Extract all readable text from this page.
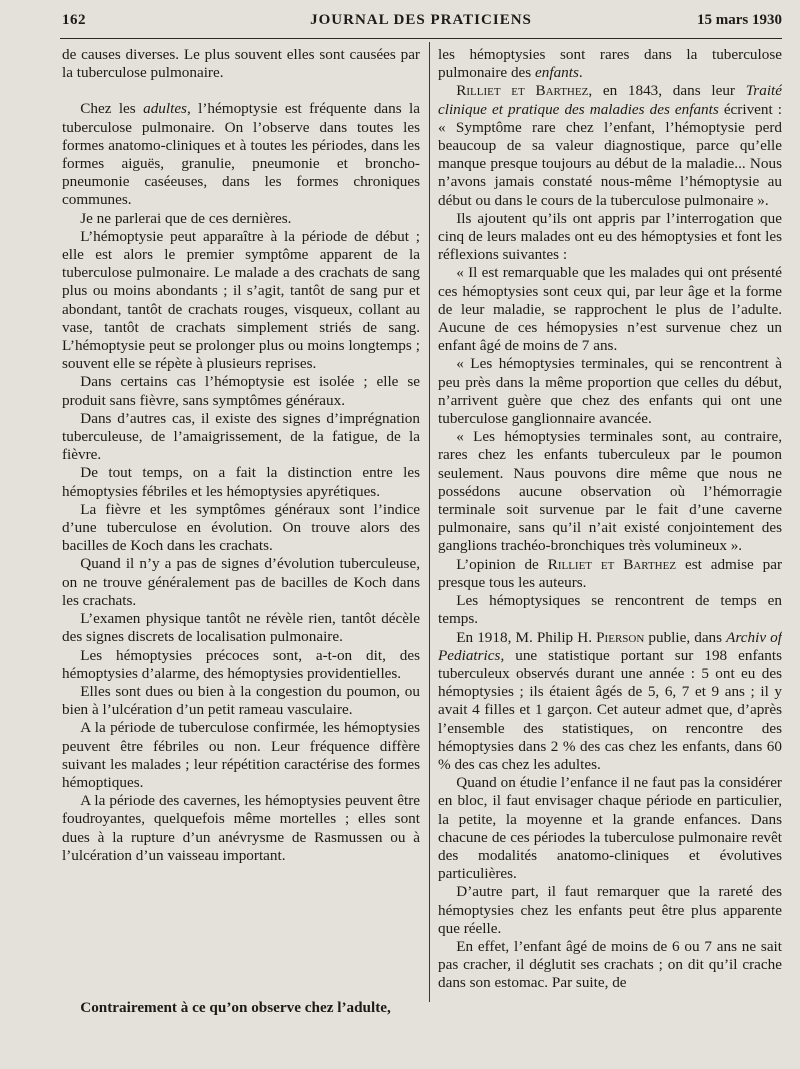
162	JOURNAL DES PRATICIENS	15 mars 1930

de causes diverses. Le plus souvent elles sont causées par la tuberculose pulmonaire.

Chez les adultes, l’hémoptysie est fréquente dans la tuberculose pulmonaire. On l’observe dans toutes les formes anatomo-cliniques et à toutes les périodes, dans les formes aiguës, granulie, pneumonie et broncho-pneumonie caséeuses, dans les formes chroniques communes.

Je ne parlerai que de ces dernières.

L’hémoptysie peut apparaître à la période de début ; elle est alors le premier symptôme apparent de la tuberculose pulmonaire. Le malade a des crachats de sang plus ou moins abondants ; il s’agit, tantôt de sang pur et abondant, tantôt de crachats rouges, visqueux, collant au vase, tantôt de crachats simplement striés de sang. L’hémoptysie peut se prolonger plus ou moins longtemps ; souvent elle se répète à plusieurs reprises.

Dans certains cas l’hémoptysie est isolée ; elle se produit sans fièvre, sans symptômes généraux.

Dans d’autres cas, il existe des signes d’imprégnation tuberculeuse, de l’amaigrissement, de la fatigue, de la fièvre.

De tout temps, on a fait la distinction entre les hémoptysies fébriles et les hémoptysies apyrétiques.

La fièvre et les symptômes généraux sont l’indice d’une tuberculose en évolution. On trouve alors des bacilles de Koch dans les crachats.

Quand il n’y a pas de signes d’évolution tuberculeuse, on ne trouve généralement pas de bacilles de Koch dans les crachats.

L’examen physique tantôt ne révèle rien, tantôt décèle des signes discrets de localisation pulmonaire.

Les hémoptysies précoces sont, a-t-on dit, des hémoptysies d’alarme, des hémoptysies providentielles.

Elles sont dues ou bien à la congestion du poumon, ou bien à l’ulcération d’un petit rameau vasculaire.

A la période de tuberculose confirmée, les hémoptysies peuvent être fébriles ou non. Leur fréquence diffère suivant les malades ; leur répétition caractérise des formes hémoptiques.

A la période des cavernes, les hémoptysies peuvent être foudroyantes, quelquefois même mortelles ; elles sont dues à la rupture d’un anévrysme de Rasmussen ou à l’ulcération d’un vaisseau important.

Contrairement à ce qu’on observe chez l’adulte,

les hémoptysies sont rares dans la tuberculose pulmonaire des enfants.

Rilliet et Barthez, en 1843, dans leur Traité clinique et pratique des maladies des enfants écrivent : « Symptôme rare chez l’enfant, l’hémoptysie perd beaucoup de sa valeur diagnostique, parce qu’elle manque presque toujours au début de la maladie... Nous n’avons jamais constaté nous-même l’hémoptysie au début ou dans le cours de la tuberculose pulmonaire ».

Ils ajoutent qu’ils ont appris par l’interrogation que cinq de leurs malades ont eu des hémoptysies et font les réflexions suivantes :

« Il est remarquable que les malades qui ont présenté ces hémoptysies sont ceux qui, par leur âge et la forme de leur maladie, se rapprochent le plus de l’adulte. Aucune de ces hémopysies n’est survenue chez un enfant âgé de moins de 7 ans.

« Les hémoptysies terminales, qui se rencontrent à peu près dans la même proportion que celles du début, n’arrivent guère que chez des enfants qui ont une tuberculose ganglionnaire avancée.

« Les hémoptysies terminales sont, au contraire, rares chez les enfants tuberculeux par le poumon seulement. Naus pouvons dire même que nous ne possédons aucune observation où l’hémorragie terminale soit survenue par le fait d’une caverne pulmonaire, sans qu’il n’ait existé conjointement des ganglions trachéo-bronchiques très volumineux ».

L’opinion de Rilliet et Barthez est admise par presque tous les auteurs.

Les hémoptysiques se rencontrent de temps en temps.

En 1918, M. Philip H. Pierson publie, dans Archiv of Pediatrics, une statistique portant sur 198 enfants tuberculeux observés durant une année : 5 ont eu des hémoptysies ; ils étaient âgés de 5, 6, 7 et 9 ans ; il y avait 4 filles et 1 garçon. Cet auteur admet que, d’après l’ensemble des statistiques, on rencontre des hémoptysies dans 2 % des cas chez les enfants, dans 60 % des cas chez les adultes.

Quand on étudie l’enfance il ne faut pas la considérer en bloc, il faut envisager chaque période en particulier, la petite, la moyenne et la grande enfances. Dans chacune de ces périodes la tuberculose pulmonaire revêt des modalités anatomo-cliniques et évolutives particulières.

D’autre part, il faut remarquer que la rareté des hémoptysies chez les enfants peut être plus apparente que réelle.

En effet, l’enfant âgé de moins de 6 ou 7 ans ne sait pas cracher, il déglutit ses crachats ; on dit qu’il crache dans son estomac. Par suite, de
